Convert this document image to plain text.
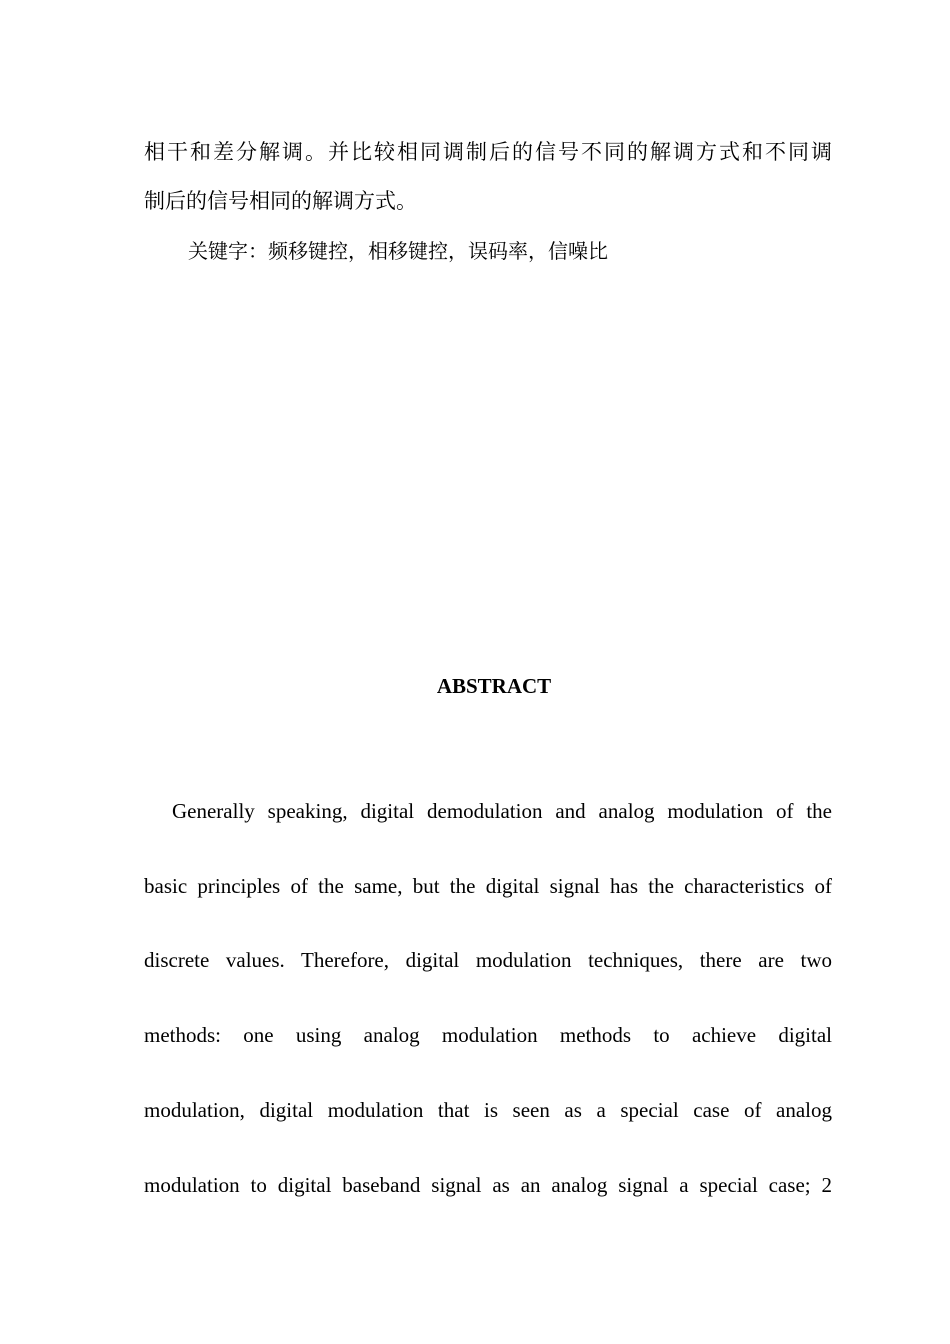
相干和差分解调。并比较相同调制后的信号不同的解调方式和不同调
制后的信号相同的解调方式。
关键字：频移键控，相移键控，误码率，信噪比
ABSTRACT
Generally speaking, digital demodulation and analog modulation of the
basic principles of the same, but the digital signal has the characteristics of
discrete values. Therefore, digital modulation techniques, there are two
methods: one using analog modulation methods to achieve digital
modulation, digital modulation that is seen as a special case of analog
modulation to digital baseband signal as an analog signal a special case; 2
